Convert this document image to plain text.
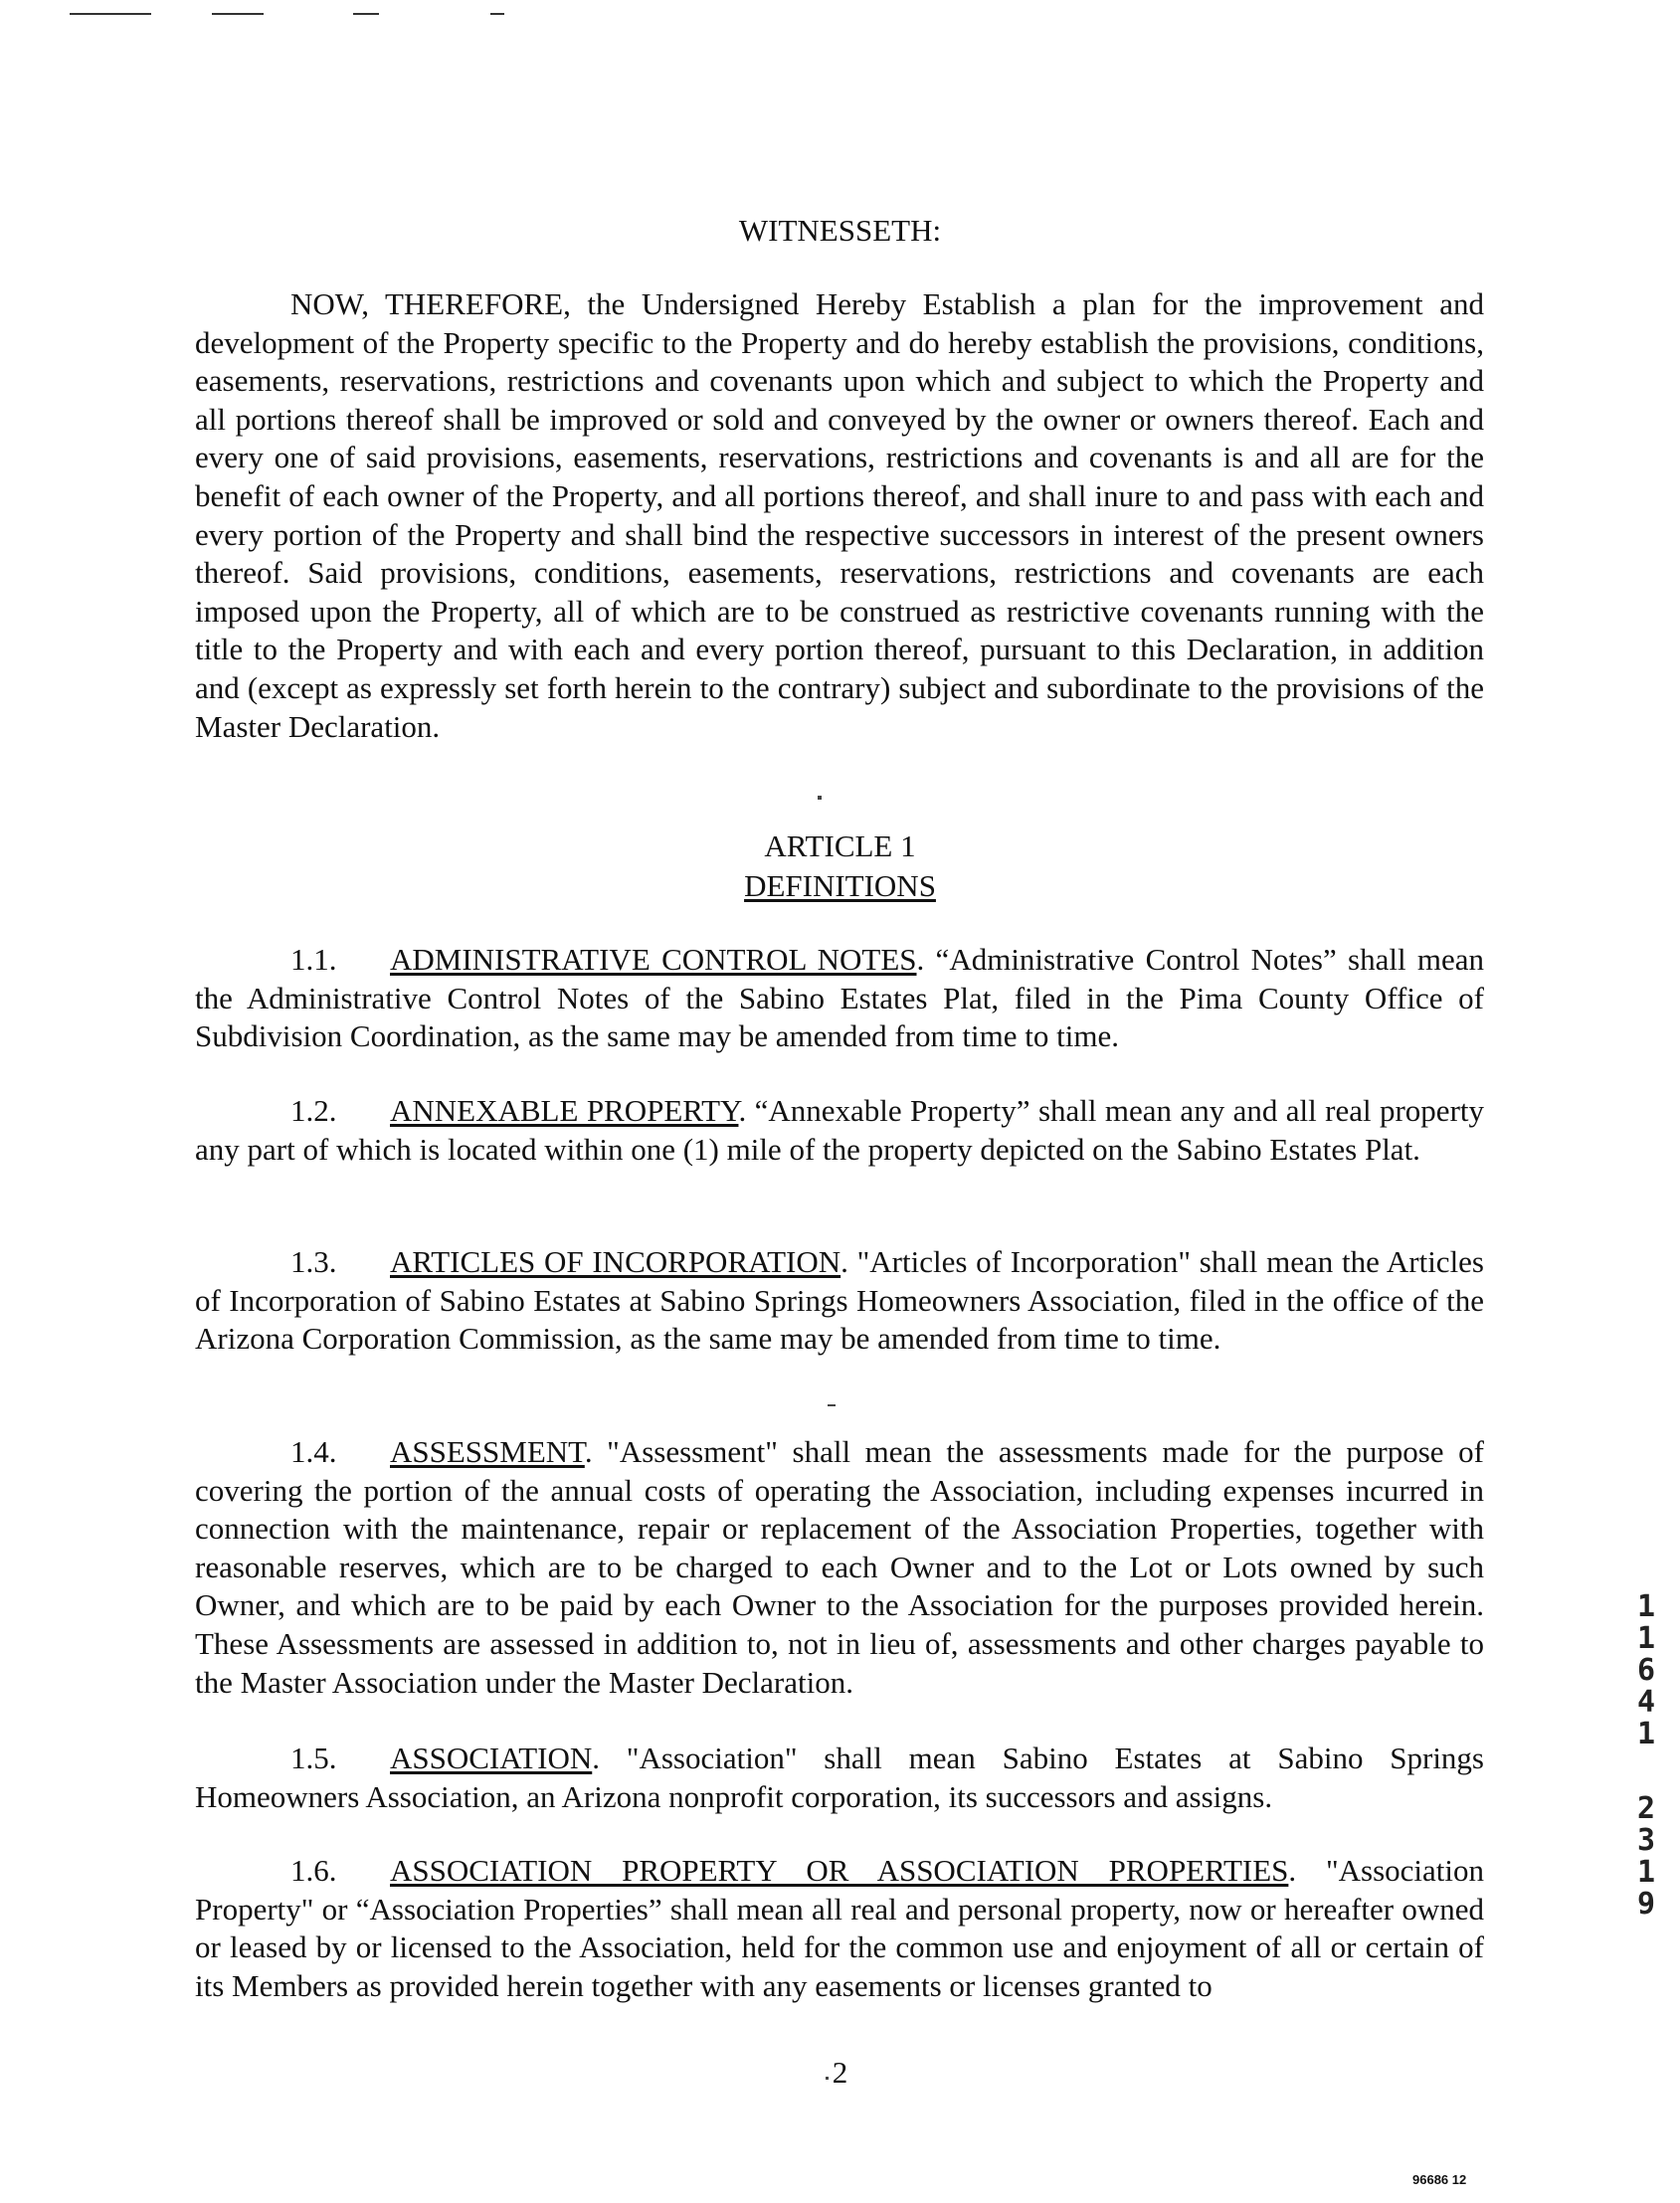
WITNESSETH:
NOW, THEREFORE, the Undersigned Hereby Establish a plan for the improvement and development of the Property specific to the Property and do hereby establish the provisions, conditions, easements, reservations, restrictions and covenants upon which and subject to which the Property and all portions thereof shall be improved or sold and conveyed by the owner or owners thereof. Each and every one of said provisions, easements, reservations, restrictions and covenants is and all are for the benefit of each owner of the Property, and all portions thereof, and shall inure to and pass with each and every portion of the Property and shall bind the respective successors in interest of the present owners thereof. Said provisions, conditions, easements, reservations, restrictions and covenants are each imposed upon the Property, all of which are to be construed as restrictive covenants running with the title to the Property and with each and every portion thereof, pursuant to this Declaration, in addition and (except as expressly set forth herein to the contrary) subject and subordinate to the provisions of the Master Declaration.
ARTICLE 1
DEFINITIONS
1.1. ADMINISTRATIVE CONTROL NOTES. “Administrative Control Notes” shall mean the Administrative Control Notes of the Sabino Estates Plat, filed in the Pima County Office of Subdivision Coordination, as the same may be amended from time to time.
1.2. ANNEXABLE PROPERTY. “Annexable Property” shall mean any and all real property any part of which is located within one (1) mile of the property depicted on the Sabino Estates Plat.
1.3. ARTICLES OF INCORPORATION. "Articles of Incorporation" shall mean the Articles of Incorporation of Sabino Estates at Sabino Springs Homeowners Association, filed in the office of the Arizona Corporation Commission, as the same may be amended from time to time.
1.4. ASSESSMENT. "Assessment" shall mean the assessments made for the purpose of covering the portion of the annual costs of operating the Association, including expenses incurred in connection with the maintenance, repair or replacement of the Association Properties, together with reasonable reserves, which are to be charged to each Owner and to the Lot or Lots owned by such Owner, and which are to be paid by each Owner to the Association for the purposes provided herein. These Assessments are assessed in addition to, not in lieu of, assessments and other charges payable to the Master Association under the Master Declaration.
1.5. ASSOCIATION. "Association" shall mean Sabino Estates at Sabino Springs Homeowners Association, an Arizona nonprofit corporation, its successors and assigns.
1.6. ASSOCIATION PROPERTY OR ASSOCIATION PROPERTIES. "Association Property" or “Association Properties” shall mean all real and personal property, now or hereafter owned or leased by or licensed to the Association, held for the common use and enjoyment of all or certain of its Members as provided herein together with any easements or licenses granted to
2
96686 12
1
1
6
4
1
2
3
1
9
